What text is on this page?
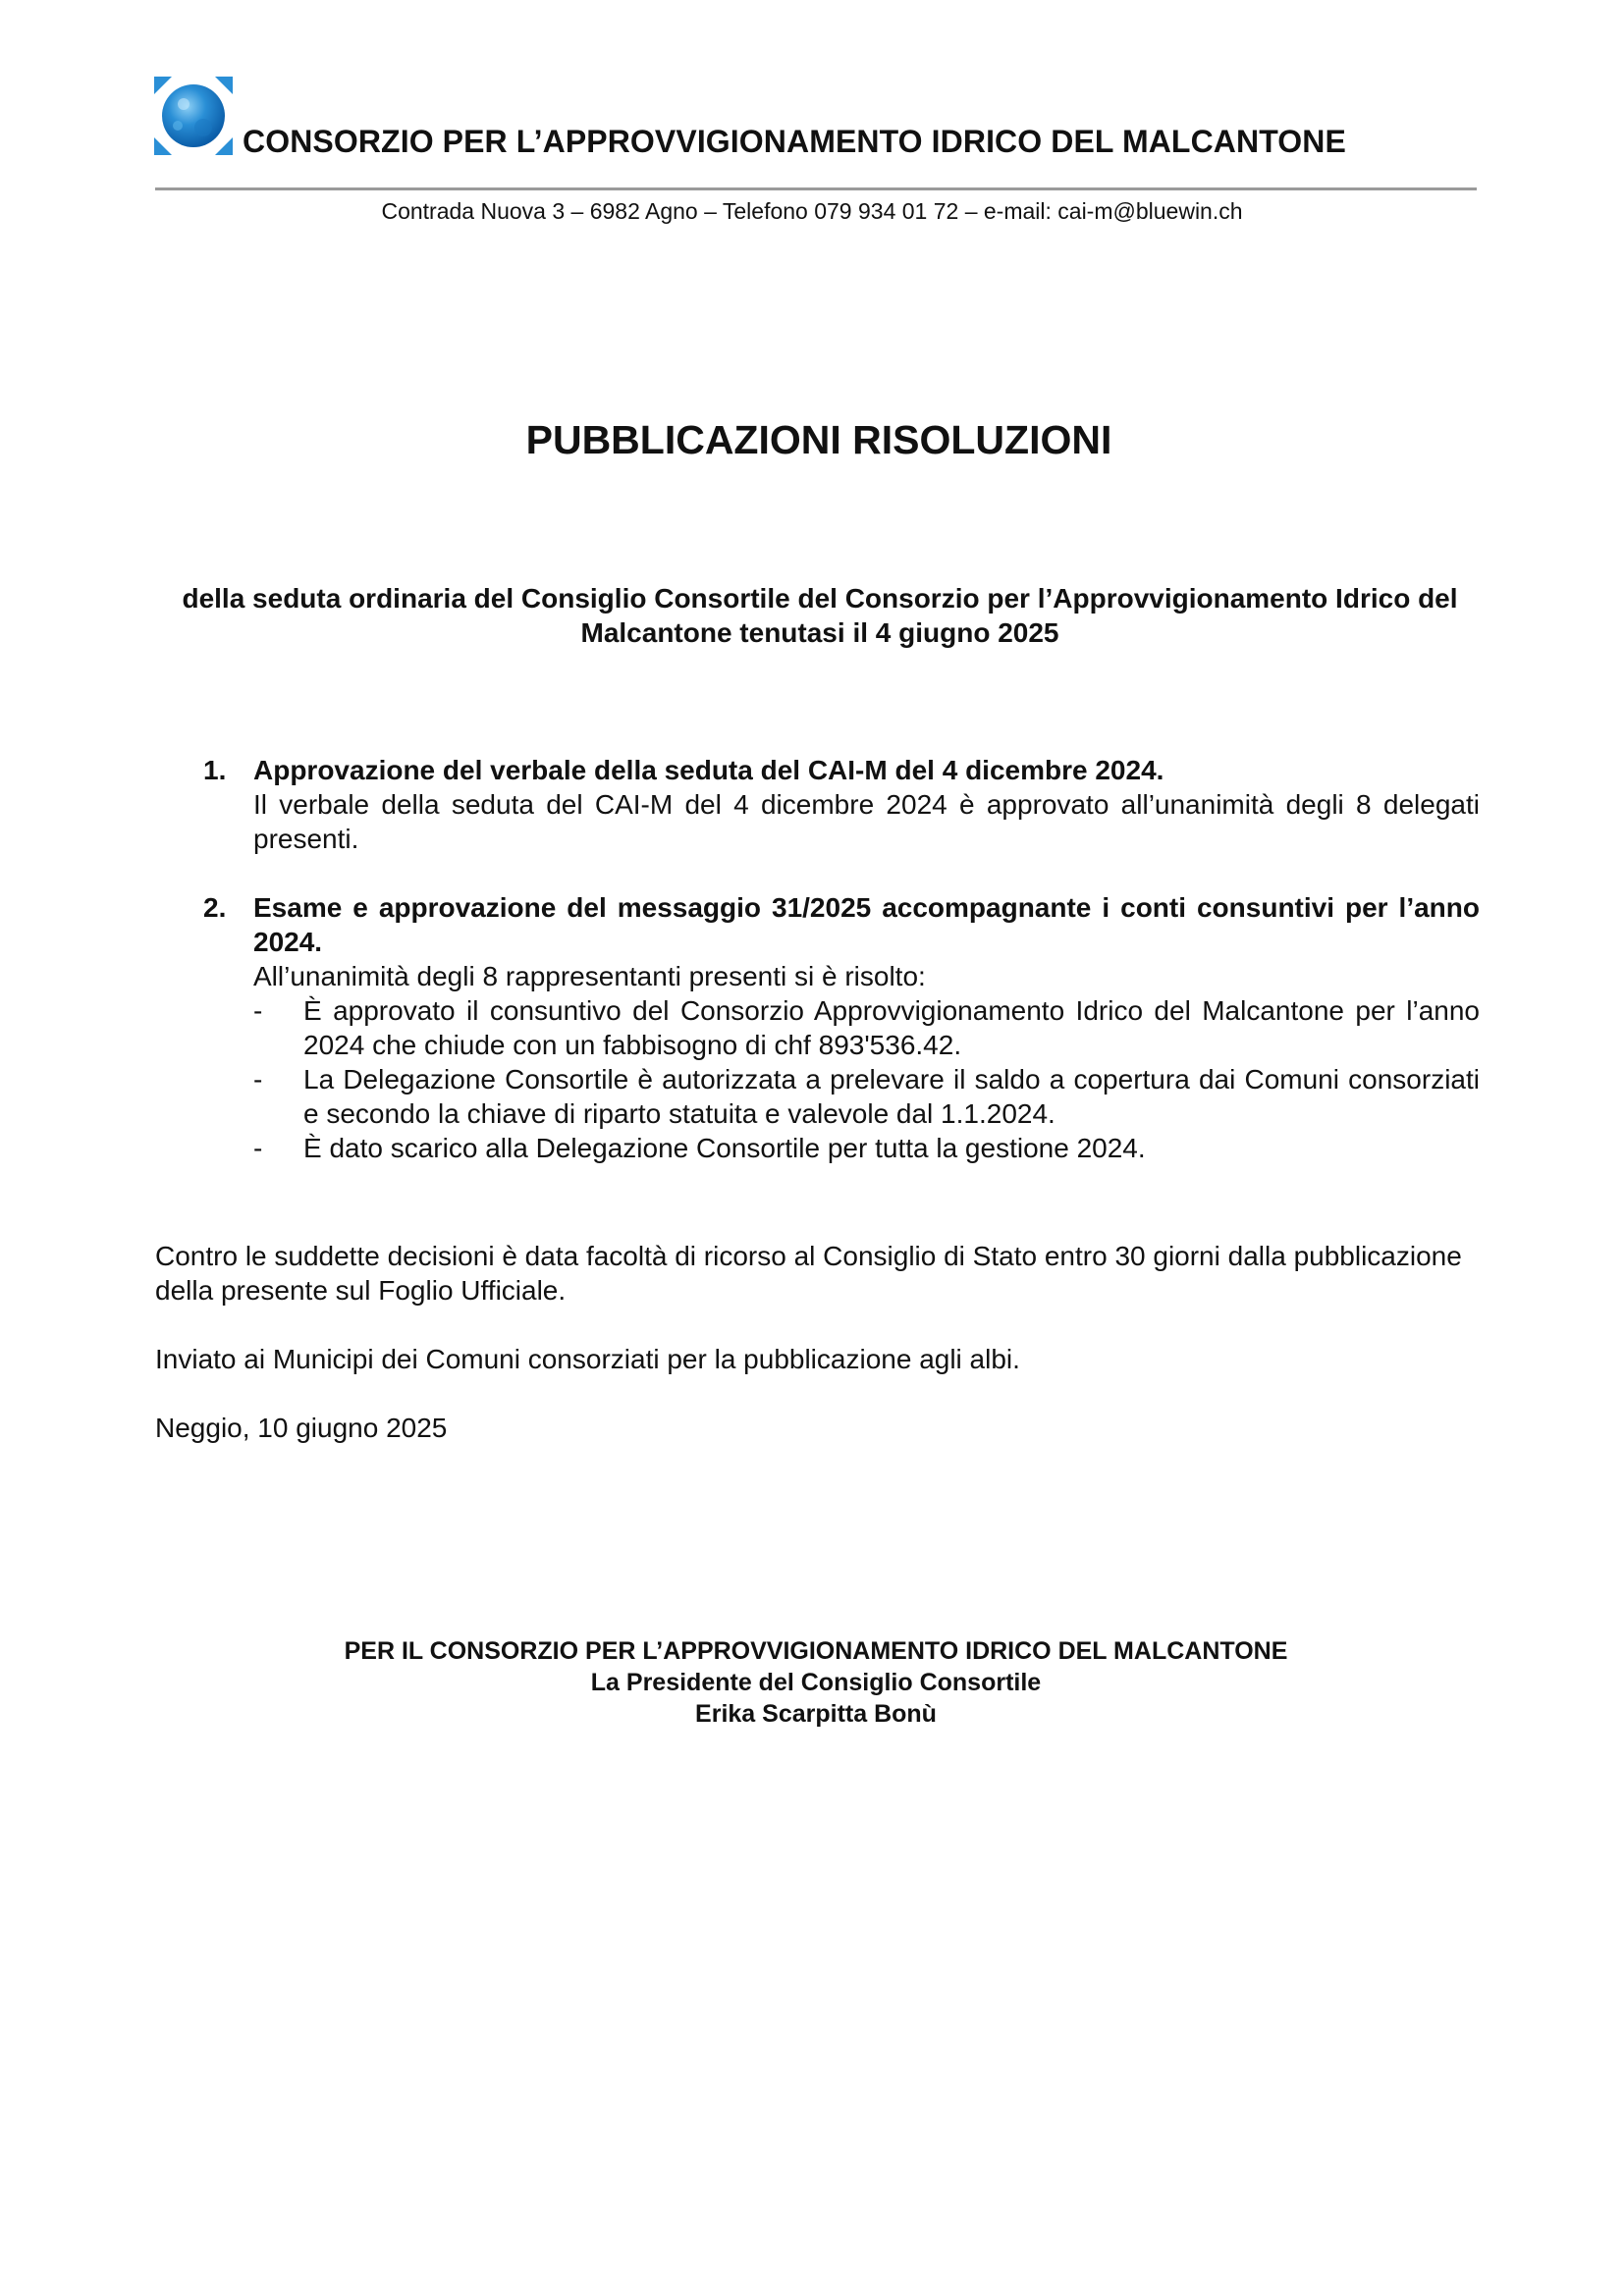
CONSORZIO PER L’APPROVVIGIONAMENTO IDRICO DEL MALCANTONE
Contrada Nuova 3 – 6982 Agno – Telefono 079 934 01 72 – e-mail: cai-m@bluewin.ch
PUBBLICAZIONI RISOLUZIONI
della seduta ordinaria del Consiglio Consortile del Consorzio per l’Approvvigionamento Idrico del Malcantone tenutasi il 4 giugno 2025
1. Approvazione del verbale della seduta del CAI-M del 4 dicembre 2024.
Il verbale della seduta del CAI-M del 4 dicembre 2024 è approvato all’unanimità degli 8 delegati presenti.
2. Esame e approvazione del messaggio 31/2025 accompagnante i conti consuntivi per l’anno 2024.
All’unanimità degli 8 rappresentanti presenti si è risolto:
- È approvato il consuntivo del Consorzio Approvvigionamento Idrico del Malcantone per l’anno 2024 che chiude con un fabbisogno di chf 893'536.42.
- La Delegazione Consortile è autorizzata a prelevare il saldo a copertura dai Comuni consorziati e secondo la chiave di riparto statuita e valevole dal 1.1.2024.
- È dato scarico alla Delegazione Consortile per tutta la gestione 2024.
Contro le suddette decisioni è data facoltà di ricorso al Consiglio di Stato entro 30 giorni dalla pubblicazione della presente sul Foglio Ufficiale.
Inviato ai Municipi dei Comuni consorziati per la pubblicazione agli albi.
Neggio, 10 giugno 2025
PER IL CONSORZIO PER L’APPROVVIGIONAMENTO IDRICO DEL MALCANTONE
La Presidente del Consiglio Consortile
Erika Scarpitta Bonù
